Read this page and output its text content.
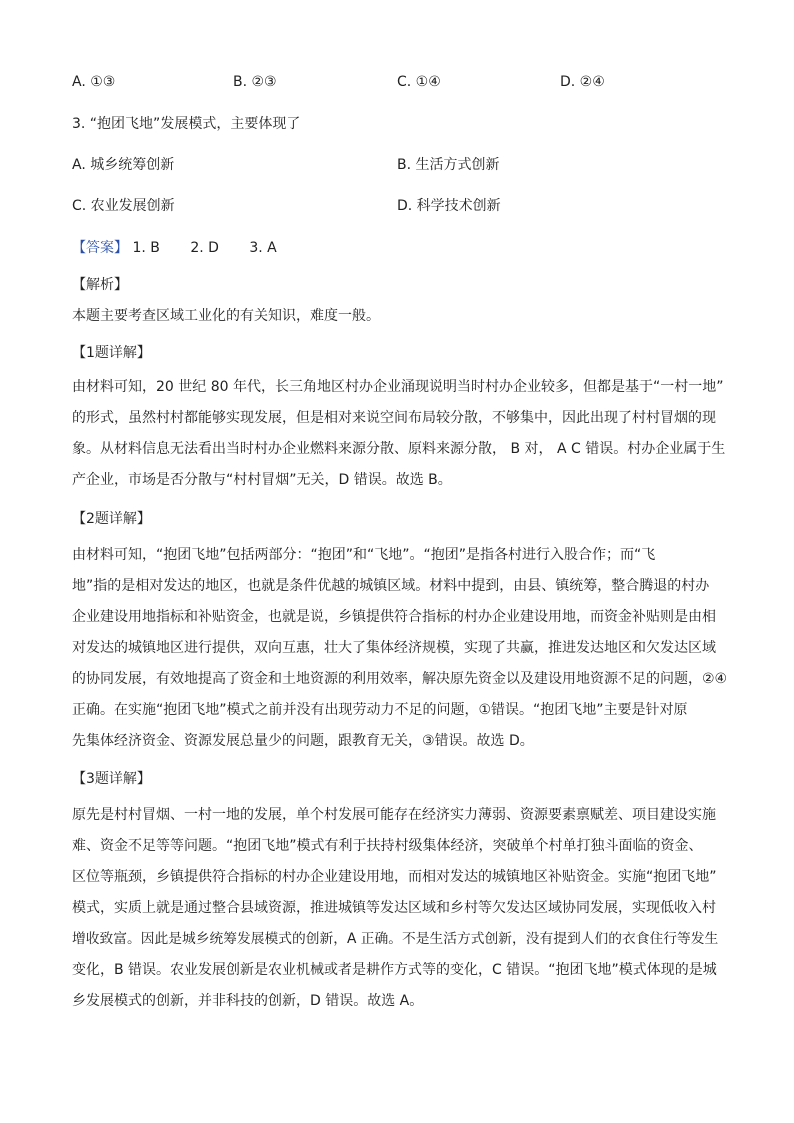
A. ①③	B. ②③	C. ①④	D. ②④
3. “抱团飞地”发展模式，主要体现了
A. 城乡统筹创新	B. 生活方式创新
C. 农业发展创新	D. 科学技术创新
【答案】 1. B 2. D 3. A
【解析】
本题主要考查区域工业化的有关知识，难度一般。
【1题详解】
由材料可知，20 世纪 80 年代，长三角地区村办企业涌现说明当时村办企业较多，但都是基于“一村一地”
的形式，虽然村村都能够实现发展，但是相对来说空间布局较分散，不够集中，因此出现了村村冒烟的现
象。从材料信息无法看出当时村办企业燃料来源分散、原料来源分散， B 对， A C 错误。村办企业属于生
产企业，市场是否分散与“村村冒烟”无关，D 错误。故选 B。
【2题详解】
由材料可知，“抱团飞地”包括两部分：“抱团”和“飞地”。“抱团”是指各村进行入股合作；而“飞
地”指的是相对发达的地区，也就是条件优越的城镇区域。材料中提到，由县、镇统筹，整合腾退的村办
企业建设用地指标和补贴资金，也就是说，乡镇提供符合指标的村办企业建设用地，而资金补贴则是由相
对发达的城镇地区进行提供，双向互惠，壮大了集体经济规模，实现了共赢，推进发达地区和欠发达区域
的协同发展，有效地提高了资金和土地资源的利用效率，解决原先资金以及建设用地资源不足的问题，②④
正确。在实施“抱团飞地”模式之前并没有出现劳动力不足的问题，①错误。“抱团飞地”主要是针对原
先集体经济资金、资源发展总量少的问题，跟教育无关，③错误。故选 D。
【3题详解】
原先是村村冒烟、一村一地的发展，单个村发展可能存在经济实力薄弱、资源要素禀赋差、项目建设实施
难、资金不足等等问题。“抱团飞地”模式有利于扶持村级集体经济，突破单个村单打独斗面临的资金、
区位等瓶颈，乡镇提供符合指标的村办企业建设用地，而相对发达的城镇地区补贴资金。实施“抱团飞地”
模式，实质上就是通过整合县域资源，推进城镇等发达区域和乡村等欠发达区域协同发展，实现低收入村
增收致富。因此是城乡统筹发展模式的创新，A 正确。不是生活方式创新，没有提到人们的衣食住行等发生
变化，B 错误。农业发展创新是农业机械或者是耕作方式等的变化，C 错误。“抱团飞地”模式体现的是城
乡发展模式的创新，并非科技的创新，D 错误。故选 A。
